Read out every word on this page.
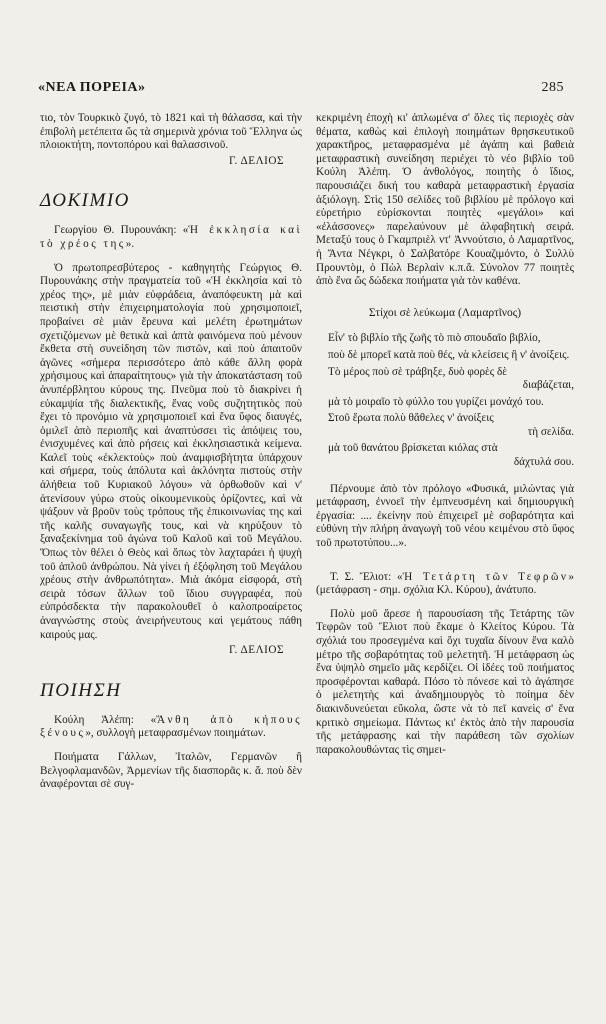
«ΝΕΑ ΠΟΡΕΙΑ»	285

τιο, τὸν Τουρκικὸ ζυγό, τὸ 1821 καὶ τὴ θάλασσα, καὶ τὴν ἐπιβολὴ μετέπειτα ὥς τὰ σημερινὰ χρόνια τοῦ Ἕλληνα ὡς πλοιοκτήτη, ποντοπόρου καὶ θαλασσινοῦ.

Γ. ΔΕΛΙΟΣ
ΔΟΚΙΜΙΟ

Γεωργίου Θ. Πυρουνάκη: «Ἡ ἐκκλησία καὶ τὸ χρέος της».

Ὁ πρωτοπρεσβύτερος - καθηγητὴς Γεώργιος Θ. Πυρουνάκης στὴν πραγματεία τοῦ «Ἡ ἐκκλησία καὶ τὸ χρέος της», μὲ μιὰν εὐφράδεια, ἀναπόφευκτη μὰ καὶ πειστικὴ στὴν ἐπιχειρηματολογία ποὺ χρησιμοποιεῖ, προβαίνει σὲ μιὰν ἔρευνα καὶ μελέτη ἐρωτημάτων σχετιζόμενων μὲ θετικὰ καὶ ἀπτὰ φαινόμενα ποὺ μένουν ἔκθετα στὴ συνείδηση τῶν πιστῶν, καὶ ποὺ ἀπαιτοῦν ἀγῶνες «σήμερα περισσότερο ἀπὸ κάθε ἄλλη φορὰ χρήσιμους καὶ ἀπαραίτητους» γιὰ τὴν ἀποκατάσταση τοῦ ἀνυπέρβλητου κύρους της. Πνεῦμα ποὺ τὸ διακρίνει ἡ εὐκαμψία τῆς διαλεκτικῆς, ἕνας νοῦς συζητητικὸς ποὺ ἔχει τὸ προνόμιο νὰ χρησιμοποιεῖ καὶ ἕνα ὕφος διαυγές, ὁμιλεῖ ἀπὸ περιοπῆς καὶ ἀναπτύσσει τὶς ἀπόψεις του, ἐνισχυμένες καὶ ἀπὸ ρήσεις καὶ ἐκκλησιαστικὰ κείμενα. Καλεῖ τοὺς «ἐκλεκτοὺς» ποὺ ἀναμφισβήτητα ὑπάρχουν καὶ σήμερα, τοὺς ἀπόλυτα καὶ ἀκλόνητα πιστοὺς στὴν ἀλήθεια τοῦ Κυριακοῦ λόγου» νὰ ὀρθωθοῦν καὶ ν' ἀτενίσουν γύρω στοὺς οἰκουμενικοὺς ὁρίζοντες, καὶ νὰ ψάξουν νὰ βροῦν τοὺς τρόπους τῆς ἐπικοινωνίας της καὶ τῆς καλῆς συναγωγῆς τους, καὶ νὰ κηρύξουν τὸ ξαναξεκίνημα τοῦ ἀγώνα τοῦ Καλοῦ καὶ τοῦ Μεγάλου. Ὅπως τὸν θέλει ὁ Θεὸς καὶ ὅπως τὸν λαχταράει ἡ ψυχὴ τοῦ ἁπλοῦ ἀνθρώπου. Νὰ γίνει ἡ ἐξόφληση τοῦ Μεγάλου χρέους στὴν ἀνθρωπότητα». Μιὰ ἀκόμα εἰσφορά, στὴ σειρὰ τόσων ἄλλων τοῦ ἴδιου συγγραφέα, ποὺ εὐπρόσδεκτα τὴν παρακολουθεῖ ὁ καλοπροαίρετος ἀναγνώστης στοὺς ἀνειρήνευτους καὶ γεμάτους πάθη καιρούς μας.

Γ. ΔΕΛΙΟΣ
ΠΟΙΗΣΗ

Κούλη Ἀλέπη: «Ἄνθη ἀπὸ κήπους ξένους», συλλογὴ μεταφρασμένων ποιημάτων.

Ποιήματα Γάλλων, Ἰταλῶν, Γερμανῶν ἢ Βελγοφλαμανδῶν, Ἀρμενίων τῆς διασπορᾶς κ. ἄ. ποὺ δὲν ἀναφέρονται σὲ συγ-

κεκριμένη ἐποχὴ κι' ἁπλωμένα σ' ὅλες τὶς περιοχὲς σὰν θέματα, καθὼς καὶ ἐπιλογὴ ποιημάτων θρησκευτικοῦ χαρακτῆρος, μεταφρασμένα μὲ ἀγάπη καὶ βαθειὰ μεταφραστικὴ συνείδηση περιέχει τὸ νέο βιβλίο τοῦ Κούλη Ἀλέπη. Ὁ ἀνθολόγος, ποιητὴς ὁ ἴδιος, παρουσιάζει δική του καθαρὰ μεταφραστικὴ ἐργασία ἀξιόλογη. Στὶς 150 σελίδες τοῦ βιβλίου μὲ πρόλογο καὶ εὑρετήριο εὑρίσκονται ποιητὲς «μεγάλοι» καὶ «ἐλάσσονες» παρελαύνουν μὲ ἀλφαβητικὴ σειρά. Μεταξύ τους ὁ Γκαμπριὲλ ντ' Ἀννούτσιο, ὁ Λαμαρτῖνος, ἡ Ἄντα Νέγκρι, ὁ Σαλβατόρε Κουαζιμόντο, ὁ Συλλὺ Προυντὸμ, ὁ Πὼλ Βερλαὶν κ.π.ἄ. Σύνολον 77 ποιητὲς ἀπὸ ἕνα ὥς δώδεκα ποιήματα γιὰ τὸν καθένα.

Στίχοι σὲ λεύκωμα (Λαμαρτῖνος)
Εἶν' τὸ βιβλίο τῆς ζωῆς τὸ πιὸ σπουδαῖο βιβλίο,
ποὺ δὲ μπορεῖ κατὰ ποὺ θές, νὰ κλείσεις ἢ ν' ἀνοίξεις.
Τὸ μέρος ποὺ σὲ τράβηξε, δυὸ φορὲς δὲ
διαβάζεται,
μὰ τὸ μοιραῖο τὸ φύλλο του γυρίζει μονάχό του.
Στοῦ ἔρωτα πολὺ θἄθελες ν' ἀνοίξεις
τὴ σελίδα.
μὰ τοῦ θανάτου βρίσκεται κιόλας στὰ
δάχτυλά σου.

Πέρνουμε ἀπὸ τὸν πρόλογο «Φυσικά, μιλώντας γιὰ μετάφραση, ἐννοεῖ τὴν ἐμπνευσμένη καὶ δημιουργικὴ ἐργασία: .... ἐκείνην ποὺ ἐπιχειρεῖ μὲ σοβαρότητα καὶ εὐθύνη τὴν πλήρη ἀναγωγὴ τοῦ νέου κειμένου στὸ ὕφος τοῦ πρωτοτύπου...».

Τ. Σ. Ἔλιοτ: «Ἡ Τετάρτη τῶν Τεφρῶν» (μετάφραση - σημ. σχόλια Κλ. Κύρου), ἀνάτυπο.

Πολὺ μοῦ ἄρεσε ἡ παρουσίαση τῆς Τετάρτης τῶν Τεφρῶν τοῦ Ἔλιοτ ποὺ ἔκαμε ὁ Κλείτος Κύρου. Τὰ σχόλιά του προσεγμένα καὶ ὄχι τυχαῖα δίνουν ἕνα καλὸ μέτρο τῆς σοβαρότητας τοῦ μελετητῆ. Ἡ μετάφραση ὡς ἕνα ὑψηλὸ σημεῖο μᾶς κερδίζει. Οἱ ἰδέες τοῦ ποιήματος προσφέρονται καθαρά. Πόσο τὸ πόνεσε καὶ τὸ ἀγάπησε ὁ μελετητὴς καὶ ἀναδημιουργὸς τὸ ποίημα δὲν διακινδυνεύεται εὔκολα, ὥστε νὰ τὸ πεῖ κανεὶς σ' ἕνα κριτικὸ σημείωμα. Πάντως κι' ἐκτὸς ἀπὸ τὴν παρουσία τῆς μετάφρασης καὶ τὴν παράθεση τῶν σχολίων παρακολουθώντας τὶς σημει-
